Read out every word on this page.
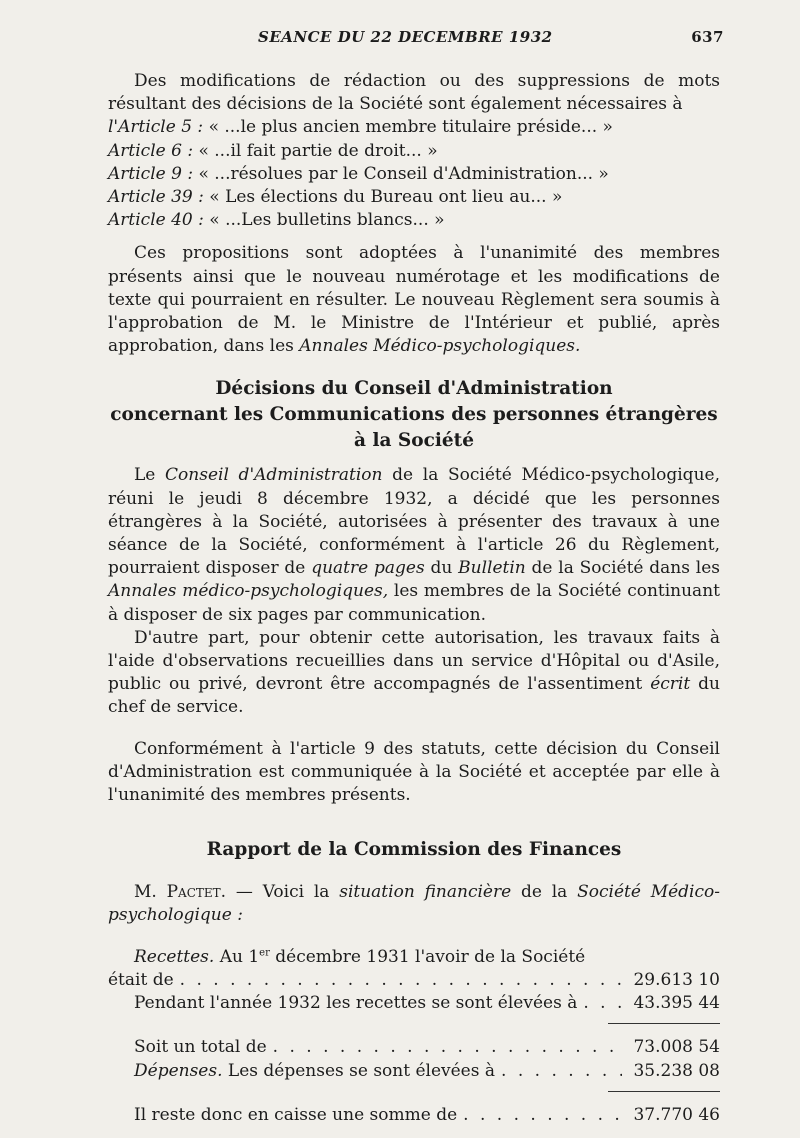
SEANCE DU 22 DECEMBRE 1932	637

Des modifications de rédaction ou des suppressions de mots résultant des décisions de la Société sont également nécessaires à

l'Article 5 : « ...le plus ancien membre titulaire préside... »

Article 6 : « ...il fait partie de droit... »

Article 9 : « ...résolues par le Conseil d'Administration... »

Article 39 : « Les élections du Bureau ont lieu au... »

Article 40 : « ...Les bulletins blancs... »

Ces propositions sont adoptées à l'unanimité des membres présents ainsi que le nouveau numérotage et les modifications de texte qui pourraient en résulter. Le nouveau Règlement sera soumis à l'approbation de M. le Ministre de l'Intérieur et publié, après approbation, dans les Annales Médico-psychologiques.

Décisions du Conseil d'Administration
concernant les Communications des personnes étrangères
à la Société

Le Conseil d'Administration de la Société Médico-psychologique, réuni le jeudi 8 décembre 1932, a décidé que les personnes étrangères à la Société, autorisées à présenter des travaux à une séance de la Société, conformément à l'article 26 du Règlement, pourraient disposer de quatre pages du Bulletin de la Société dans les Annales médico-psychologiques, les membres de la Société continuant à disposer de six pages par communication.

D'autre part, pour obtenir cette autorisation, les travaux faits à l'aide d'observations recueillies dans un service d'Hôpital ou d'Asile, public ou privé, devront être accompagnés de l'assentiment écrit du chef de service.

Conformément à l'article 9 des statuts, cette décision du Conseil d'Administration est communiquée à la Société et acceptée par elle à l'unanimité des membres présents.

Rapport de la Commission des Finances

M. Pactet. — Voici la situation financière de la Société Médico-psychologique :

Recettes. Au 1er décembre 1931 l'avoir de la Société

était de . . .	29.613 10
Pendant l'année 1932 les recettes se sont élevées à . . .	43.395 44
Soit un total de . . .	73.008 54
Dépenses. Les dépenses se sont élevées à . . .	35.238 08
Il reste donc en caisse une somme de . . .	37.770 46
